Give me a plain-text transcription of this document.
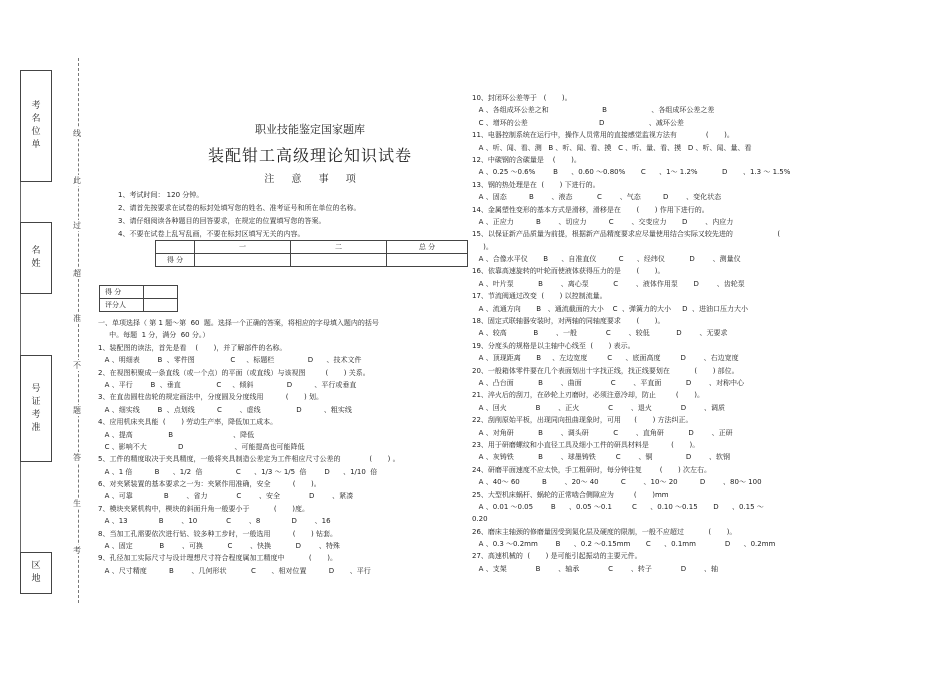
考
名
位
单
名
姓
号
证
考
准
区
地
线
此
过
超
准
不
题
答
生
考
职业技能鉴定国家题库
装配钳工高级理论知识试卷
注 意 事 项
1、考试时间： 120 分钟。
2、请首先按要求在试卷的标封处填写您的姓名、准考证号和所在单位的名称。
3、请仔细阅读各种题目的回答要求，在规定的位置填写您的答案。
4、不要在试卷上乱写乱画，不要在标封区填写无关的内容。
	一	二	总 分
得 分			
得 分	
评分人	
一、单项选择（ 第 1 题～第  60  题。选择一个正确的答案，将相应的字母填入题内的括号
中。每题  1 分，满分  60 分。）
1、装配图的读法，首先是看    (       )，并了解部件的名称。
A 、明细表        B  、零件图                C     、标题栏               D      、技术文件
2、在视图积聚成一条直线（或一个点）的平面（或直线）与该视图         (       ) 关系。
A 、平行        B  、垂直                C     、倾斜               D          、平行或垂直
3、在直齿圆柱齿轮的规定画法中，分度圆及分度线用          (       ) 划。
A 、细实线        B  、点划线          C        、虚线                D          、粗实线
4、应用机床夹具能  (       ) 劳动生产率，降低加工成本。
A 、提高                B                           、降低
C 、影响不大              D                       、可能提高也可能降低
5、工件的精度取决于夹具精度，一般将夹具制造公差定为工件相应尺寸公差的             (       ) 。
A 、1 倍          B      、1/2  倍               C      、1/3 ～ 1/5  倍        D      、1/10  倍
6、对夹紧装置的基本要求之一为：夹紧作用准确，安全          (       )。
A 、可靠              B        、省力             C        、安全             D        、紧凑
7、模块夹紧机构中，楔块的斜面升角一般要小于           (       )度。
A 、13              B        、10             C        、8              D        、16
8、当加工孔需要依次进行钻、铰多种工步时，一般选用          (       ) 钻套。
A 、固定            B        、可换           C        、快换           D        、特殊
9、孔径加工实际尺寸与设计理想尺寸符合程度属加工精度中           (       )。
A 、尺寸精度          B        、几何形状           C       、相对位置          D       、平行
10、封闭环公差等于   (       )。
A 、各组成环公差之和                        B                    、各组成环公差之差
C 、增环的公差                                D                    、减环公差
11、电器控制系统在运行中，操作人员常用的直接感觉监视方法有             (       )。
A 、听、闻、看、测   B 、听、闻、看、摸   C 、听、量、看、摸   D 、听、闻、量、看
12、中碳钢的含碳量是    (       )。
A 、0.25 ～0.6%        B      、0.60 ～0.80%       C      、1～ 1.2%           D       、1.3 ～ 1.5%
13、钢的热处理是在  (       ) 下进行的。
A 、固态          B        、液态           C        、气态          D        、变化状态
14、金属塑性变形的基本方式是滑移，滑移是在       (       ) 作用下进行的。
A 、正应力          B        、切应力          C        、交变应力       D        、内应力
15、以保证新产品质量为前提，根据新产品精度要求应尽量使用结合实际又较先进的                    (
)。
A 、合像水平仪       B      、自准直仪          C      、经纬仪           D        、测量仪
16、依靠高速旋转的叶轮而使液体获得压力的是       (       )。
A 、叶片泵           B        、离心泵           C        、液体作用泵       D        、齿轮泵
17、节流阀通过改变  (       ) 以控制流量。
A 、流通方向       B   、通流截面的大小    C  、弹簧力的大小     D  、进油口压力大小
18、固定式联轴器安装时，对两轴的同轴度要求       (       )。
A 、较高            B        、一般             C        、较低            D        、无要求
19、分度头的规格是以主轴中心线至  (       ) 表示。
A 、顶现距离       B     、左边宽度         C      、底面高度         D        、右边宽度
20、一般箱体零件要在几个表面划出十字找正线，找正线要划在           (       ) 部位。
A 、凸台面           B        、曲面             C        、平直面           D        、对称中心
21、淬火后的刮刀，在砂轮上刃磨时，必须注意冷却，防止         (       )。
A 、回火             B        、正火             C        、退火             D        、调质
22、刮削原始平板，出现同向扭曲现象时，可用      (       ) 方法纠正。
A 、对角研           B        、调头研           C        、直角研           D        、正研
23、用于研磨螺纹和小直径工具及细小工件的研具材料是          (       )。
A 、灰铸铁           B        、球墨铸铁         C        、铜               D        、软钢
24、研磨平面速度不应太快，手工粗研时，每分钟往复        (       ) 次左右。
A 、40～ 60          B        、20～ 40          C        、10～ 20          D        、80～ 100
25、大型机床蜗杆、蜗轮的正常啮合侧隙应为         (       )mm
A 、0.01 ～0.05        B      、0.05 ～0.1         C      、0.10 ～0.15       D      、0.15 ～
0.20
26、磨床主轴颈的修磨量因受到氮化层及硬度的限制，一般不应超过           (       )。
A 、0.3 ～0.2mm        B      、0.2 ～0.15mm       C      、0.1mm             D      、0.2mm
27、高速机械的  (       ) 是可能引起振动的主要元件。
A 、支架             B        、轴承             C        、转子             D        、轴
